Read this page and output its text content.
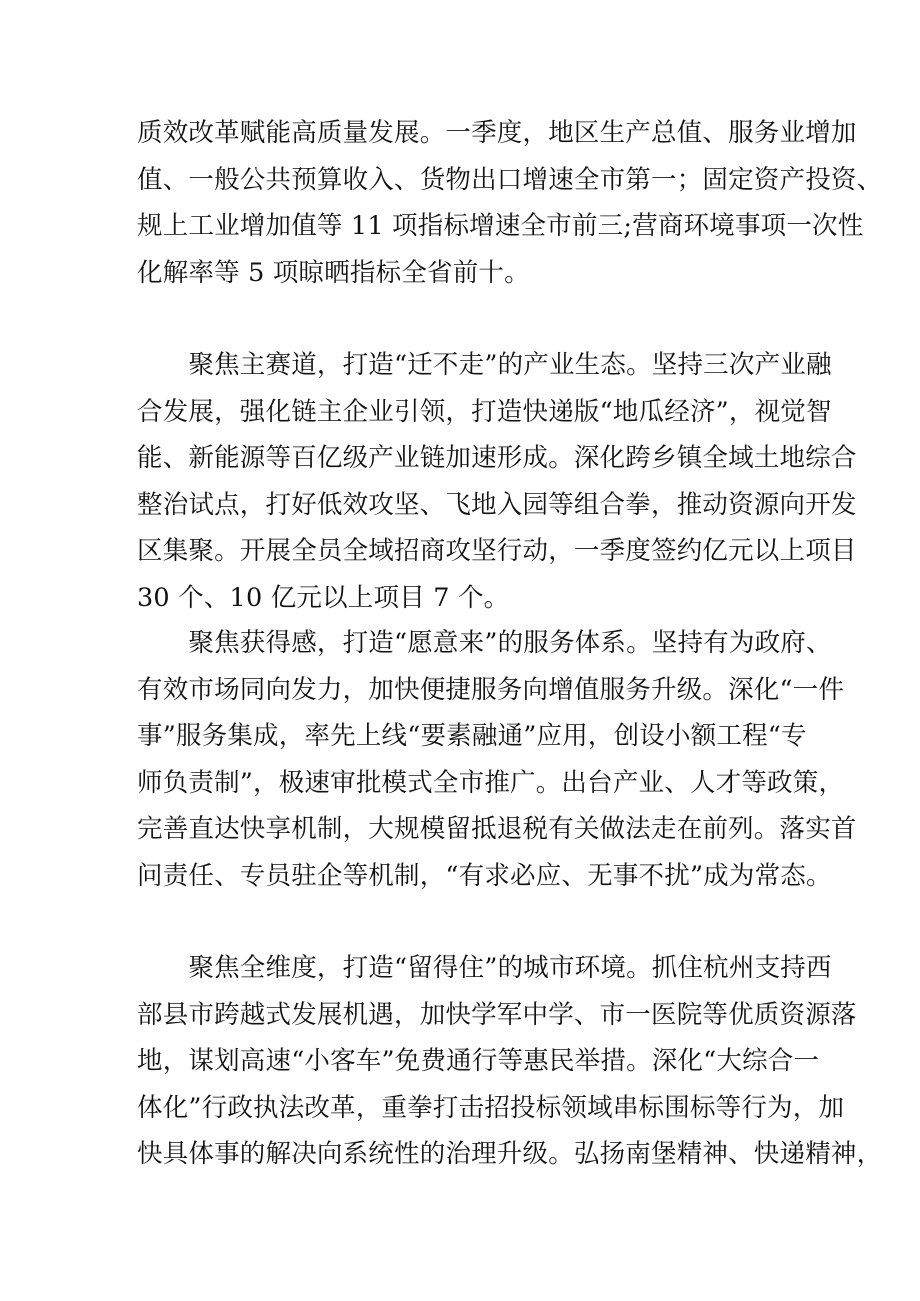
质效改革赋能高质量发展。一季度，地区生产总值、服务业增加
值、一般公共预算收入、货物出口增速全市第一；固定资产投资、
规上工业增加值等 11 项指标增速全市前三;营商环境事项一次性
化解率等 5 项晾晒指标全省前十。
　　聚焦主赛道，打造“迁不走”的产业生态。坚持三次产业融
合发展，强化链主企业引领，打造快递版“地瓜经济”，视觉智
能、新能源等百亿级产业链加速形成。深化跨乡镇全域土地综合
整治试点，打好低效攻坚、飞地入园等组合拳，推动资源向开发
区集聚。开展全员全域招商攻坚行动，一季度签约亿元以上项目
30 个、10 亿元以上项目 7 个。
　　聚焦获得感，打造“愿意来”的服务体系。坚持有为政府、
有效市场同向发力，加快便捷服务向增值服务升级。深化“一件
事”服务集成，率先上线“要素融通”应用，创设小额工程“专
师负责制”，极速审批模式全市推广。出台产业、人才等政策，
完善直达快享机制，大规模留抵退税有关做法走在前列。落实首
问责任、专员驻企等机制，“有求必应、无事不扰”成为常态。
　　聚焦全维度，打造“留得住”的城市环境。抓住杭州支持西
部县市跨越式发展机遇，加快学军中学、市一医院等优质资源落
地，谋划高速“小客车”免费通行等惠民举措。深化“大综合一
体化”行政执法改革，重拳打击招投标领域串标围标等行为，加
快具体事的解决向系统性的治理升级。弘扬南堡精神、快递精神，
